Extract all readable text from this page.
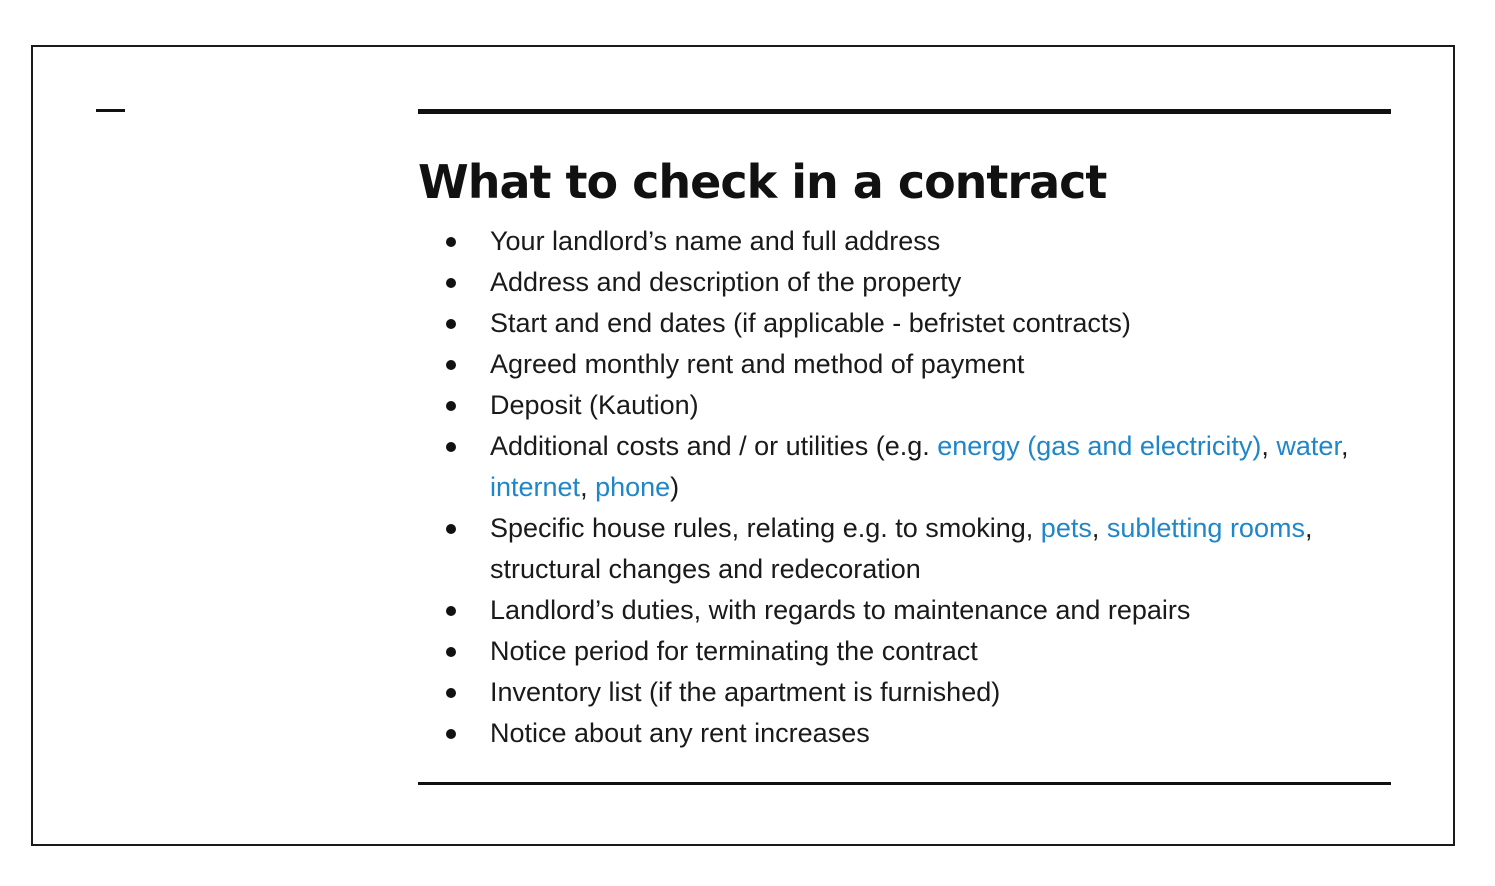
What to check in a contract
Your landlord’s name and full address
Address and description of the property
Start and end dates (if applicable - befristet contracts)
Agreed monthly rent and method of payment
Deposit (Kaution)
Additional costs and / or utilities (e.g. energy (gas and electricity), water, internet, phone)
Specific house rules, relating e.g. to smoking, pets, subletting rooms, structural changes and redecoration
Landlord’s duties, with regards to maintenance and repairs
Notice period for terminating the contract
Inventory list (if the apartment is furnished)
Notice about any rent increases
